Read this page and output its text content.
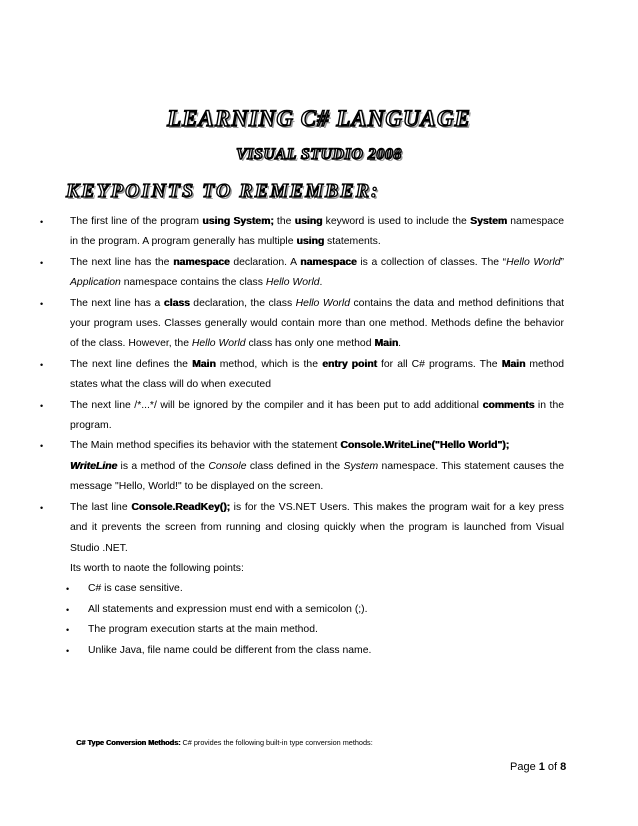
LEARNING C# LANGUAGE
VISUAL STUDIO 2008
KEYPOINTS TO REMEMBER:
•	The first line of the program using System; the using keyword is used to include the System namespace in the program. A program generally has multiple using statements.
•	The next line has the namespace declaration. A namespace is a collection of classes. The “Hello World” Application namespace contains the class Hello World.
•	The next line has a class declaration, the class Hello World contains the data and method definitions that your program uses. Classes generally would contain more than one method. Methods define the behavior of the class. However, the Hello World class has only one method Main.
•	The next line defines the Main method, which is the entry point for all C# programs. The Main method states what the class will do when executed
•	The next line /*...*/ will be ignored by the compiler and it has been put to add additional comments in the program.
•	The Main method specifies its behavior with the statement Console.WriteLine("Hello World");
WriteLine is a method of the Console class defined in the System namespace. This statement causes the message "Hello, World!" to be displayed on the screen.
•	The last line Console.ReadKey(); is for the VS.NET Users. This makes the program wait for a key press and it prevents the screen from running and closing quickly when the program is launched from Visual Studio .NET.
Its worth to naote the following points:
• C# is case sensitive.
• All statements and expression must end with a semicolon (;).
• The program execution starts at the main method.
• Unlike Java, file name could be different from the class name.
C# Type Conversion Methods: C# provides the following built-in type conversion methods:
Page 1 of 8
